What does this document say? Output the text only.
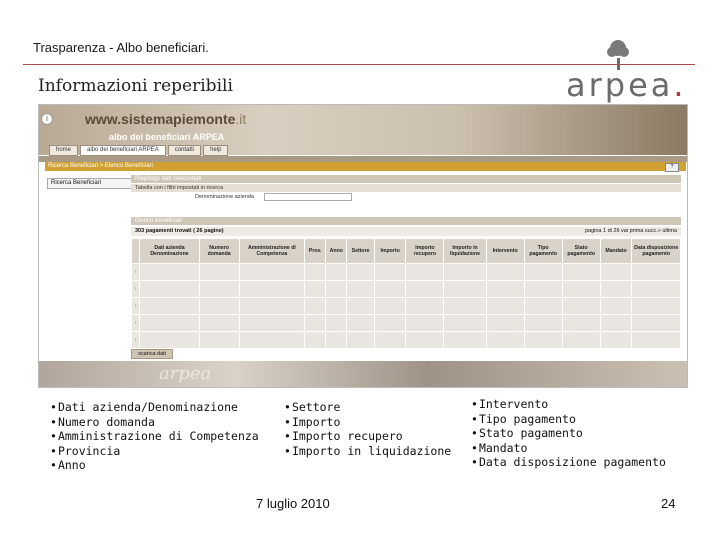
Trasparenza - Albo beneficiari.
Informazioni reperibili	arpea.
i	www.sistemapiemonte.it
albo dei beneficiari ARPEA
home	albo dei beneficiari ARPEA	contatti	help
Ricerca Beneficiari > Elenco Beneficiari	?
Ricerca Beneficiari
Riepilogo dati selezionati
Tabella con i filtri impostati in ricerca
Denominazione azienda
Elenco beneficiari
303 pagamenti trovati ( 26 pagine)	pagina 1 di 26 vai prima succ.» ultima
	Dati azienda Denominazione	Numero domanda	Amministrazione di Competenza	Prov.	Anno	Settore	Importo	Importo recupero	Importo in liquidazione	Intervento	Tipo pagamento	Stato pagamento	Mandato	Data disposizione pagamento
›														
›														
›														
›														
›														
scarica dati
arpea
• Dati azienda/Denominazione
• Numero domanda
• Amministrazione di Competenza
• Provincia
• Anno
• Settore
• Importo
• Importo recupero
• Importo in liquidazione
• Intervento
• Tipo pagamento
• Stato pagamento
• Mandato
• Data disposizione pagamento
7 luglio 2010	24
